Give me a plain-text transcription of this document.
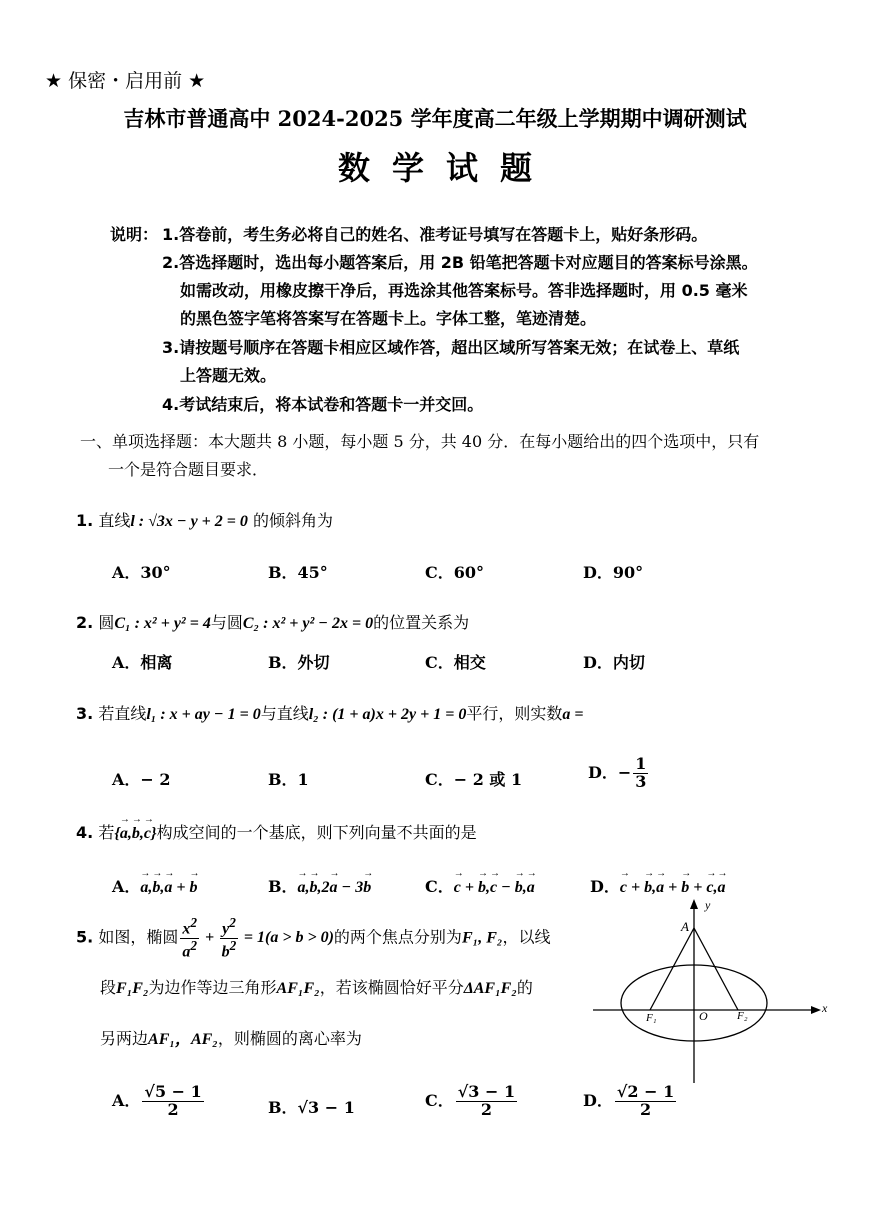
★ 保密・启用前 ★
吉林市普通高中 2024-2025 学年度高二年级上学期期中调研测试
数学试题
说明： 1.答卷前，考生务必将自己的姓名、准考证号填写在答题卡上，贴好条形码。
2.答选择题时，选出每小题答案后，用 2B 铅笔把答题卡对应题目的答案标号涂黑。
如需改动，用橡皮擦干净后，再选涂其他答案标号。答非选择题时，用 0.5 毫米
的黑色签字笔将答案写在答题卡上。字体工整，笔迹清楚。
3.请按题号顺序在答题卡相应区域作答，超出区域所写答案无效；在试卷上、草纸
上答题无效。
4.考试结束后，将本试卷和答题卡一并交回。
一、单项选择题：本大题共 8 小题，每小题 5 分，共 40 分．在每小题给出的四个选项中，只有
一个是符合题目要求．
1. 直线l : √3x − y + 2 = 0 的倾斜角为
A．30°	B．45°	C．60°	D．90°
2. 圆C₁ : x² + y² = 4与圆C₂ : x² + y² − 2x = 0的位置关系为
A．相离	B．外切	C．相交	D．内切
3. 若直线l₁ : x + ay − 1 = 0与直线l₂ : (1 + a)x + 2y + 1 = 0平行，则实数a =
A．− 2	B．1	C．− 2 或 1	D．− $\frac{1}{3}$
4. 若{→ a,→ b,→ c}构成空间的一个基底，则下列向量不共面的是
A．→ a,→ b,→ a + → b	B．→ a,→ b,2→ a − 3→ b	C．→ c + → b,→ c − → b,→ a	D．→ c + → b,→ a + → b + → c,→ a
5. 如图，椭圆 $\frac{x^2}{a^2} + \frac{y^2}{b^2} = 1(a > b > 0)$的两个焦点分别为F₁, F₂，以线
段F₁F₂为边作等边三角形AF₁F₂，若该椭圆恰好平分ΔAF₁F₂的
另两边AF₁，AF₂，则椭圆的离心率为
A． $\frac{√5 - 1}{2}$	B．√3 − 1	C． $\frac{√3 - 1}{2}$	D． $\frac{√2 - 1}{2}$
y
x
A
O
F₁	F₂
